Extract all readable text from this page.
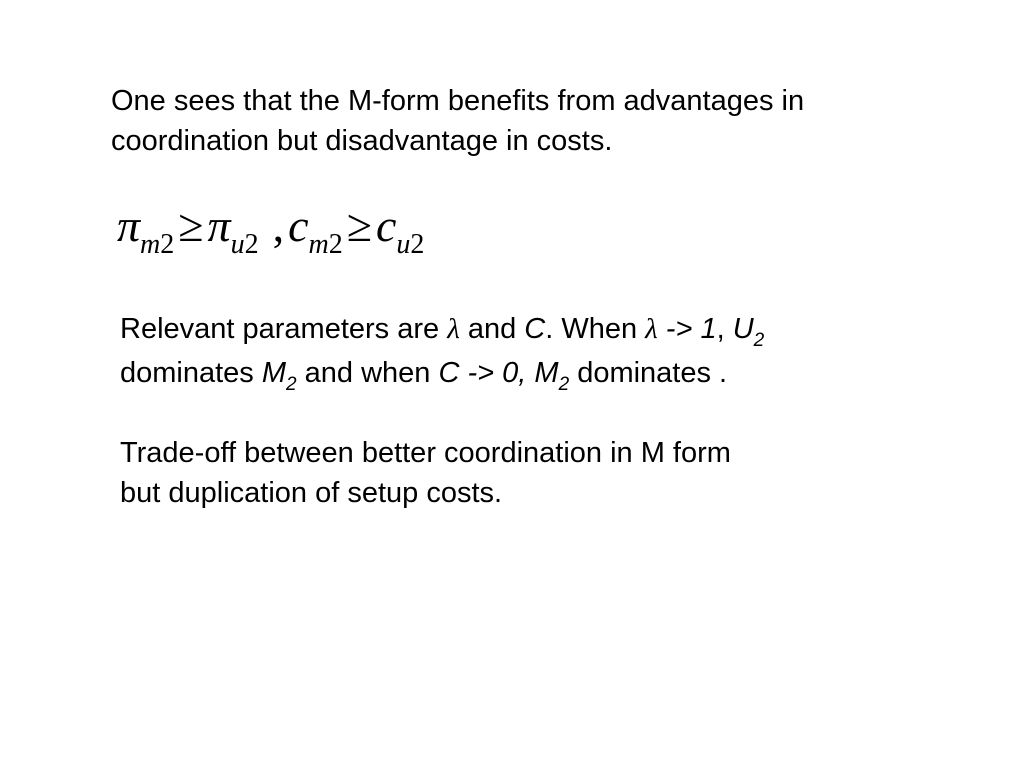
One sees that the M-form benefits from advantages in
coordination but disadvantage in costs.
$\pi_{m2}\ge\pi_{u2}$ $,c_{m2}\ge c_{u2}$
Relevant parameters are λ and C. When λ -> 1, $U_2$
dominates $M_2$ and when C -> 0, $M_2$ dominates .
Trade-off between better coordination in M form
but duplication of setup costs.
